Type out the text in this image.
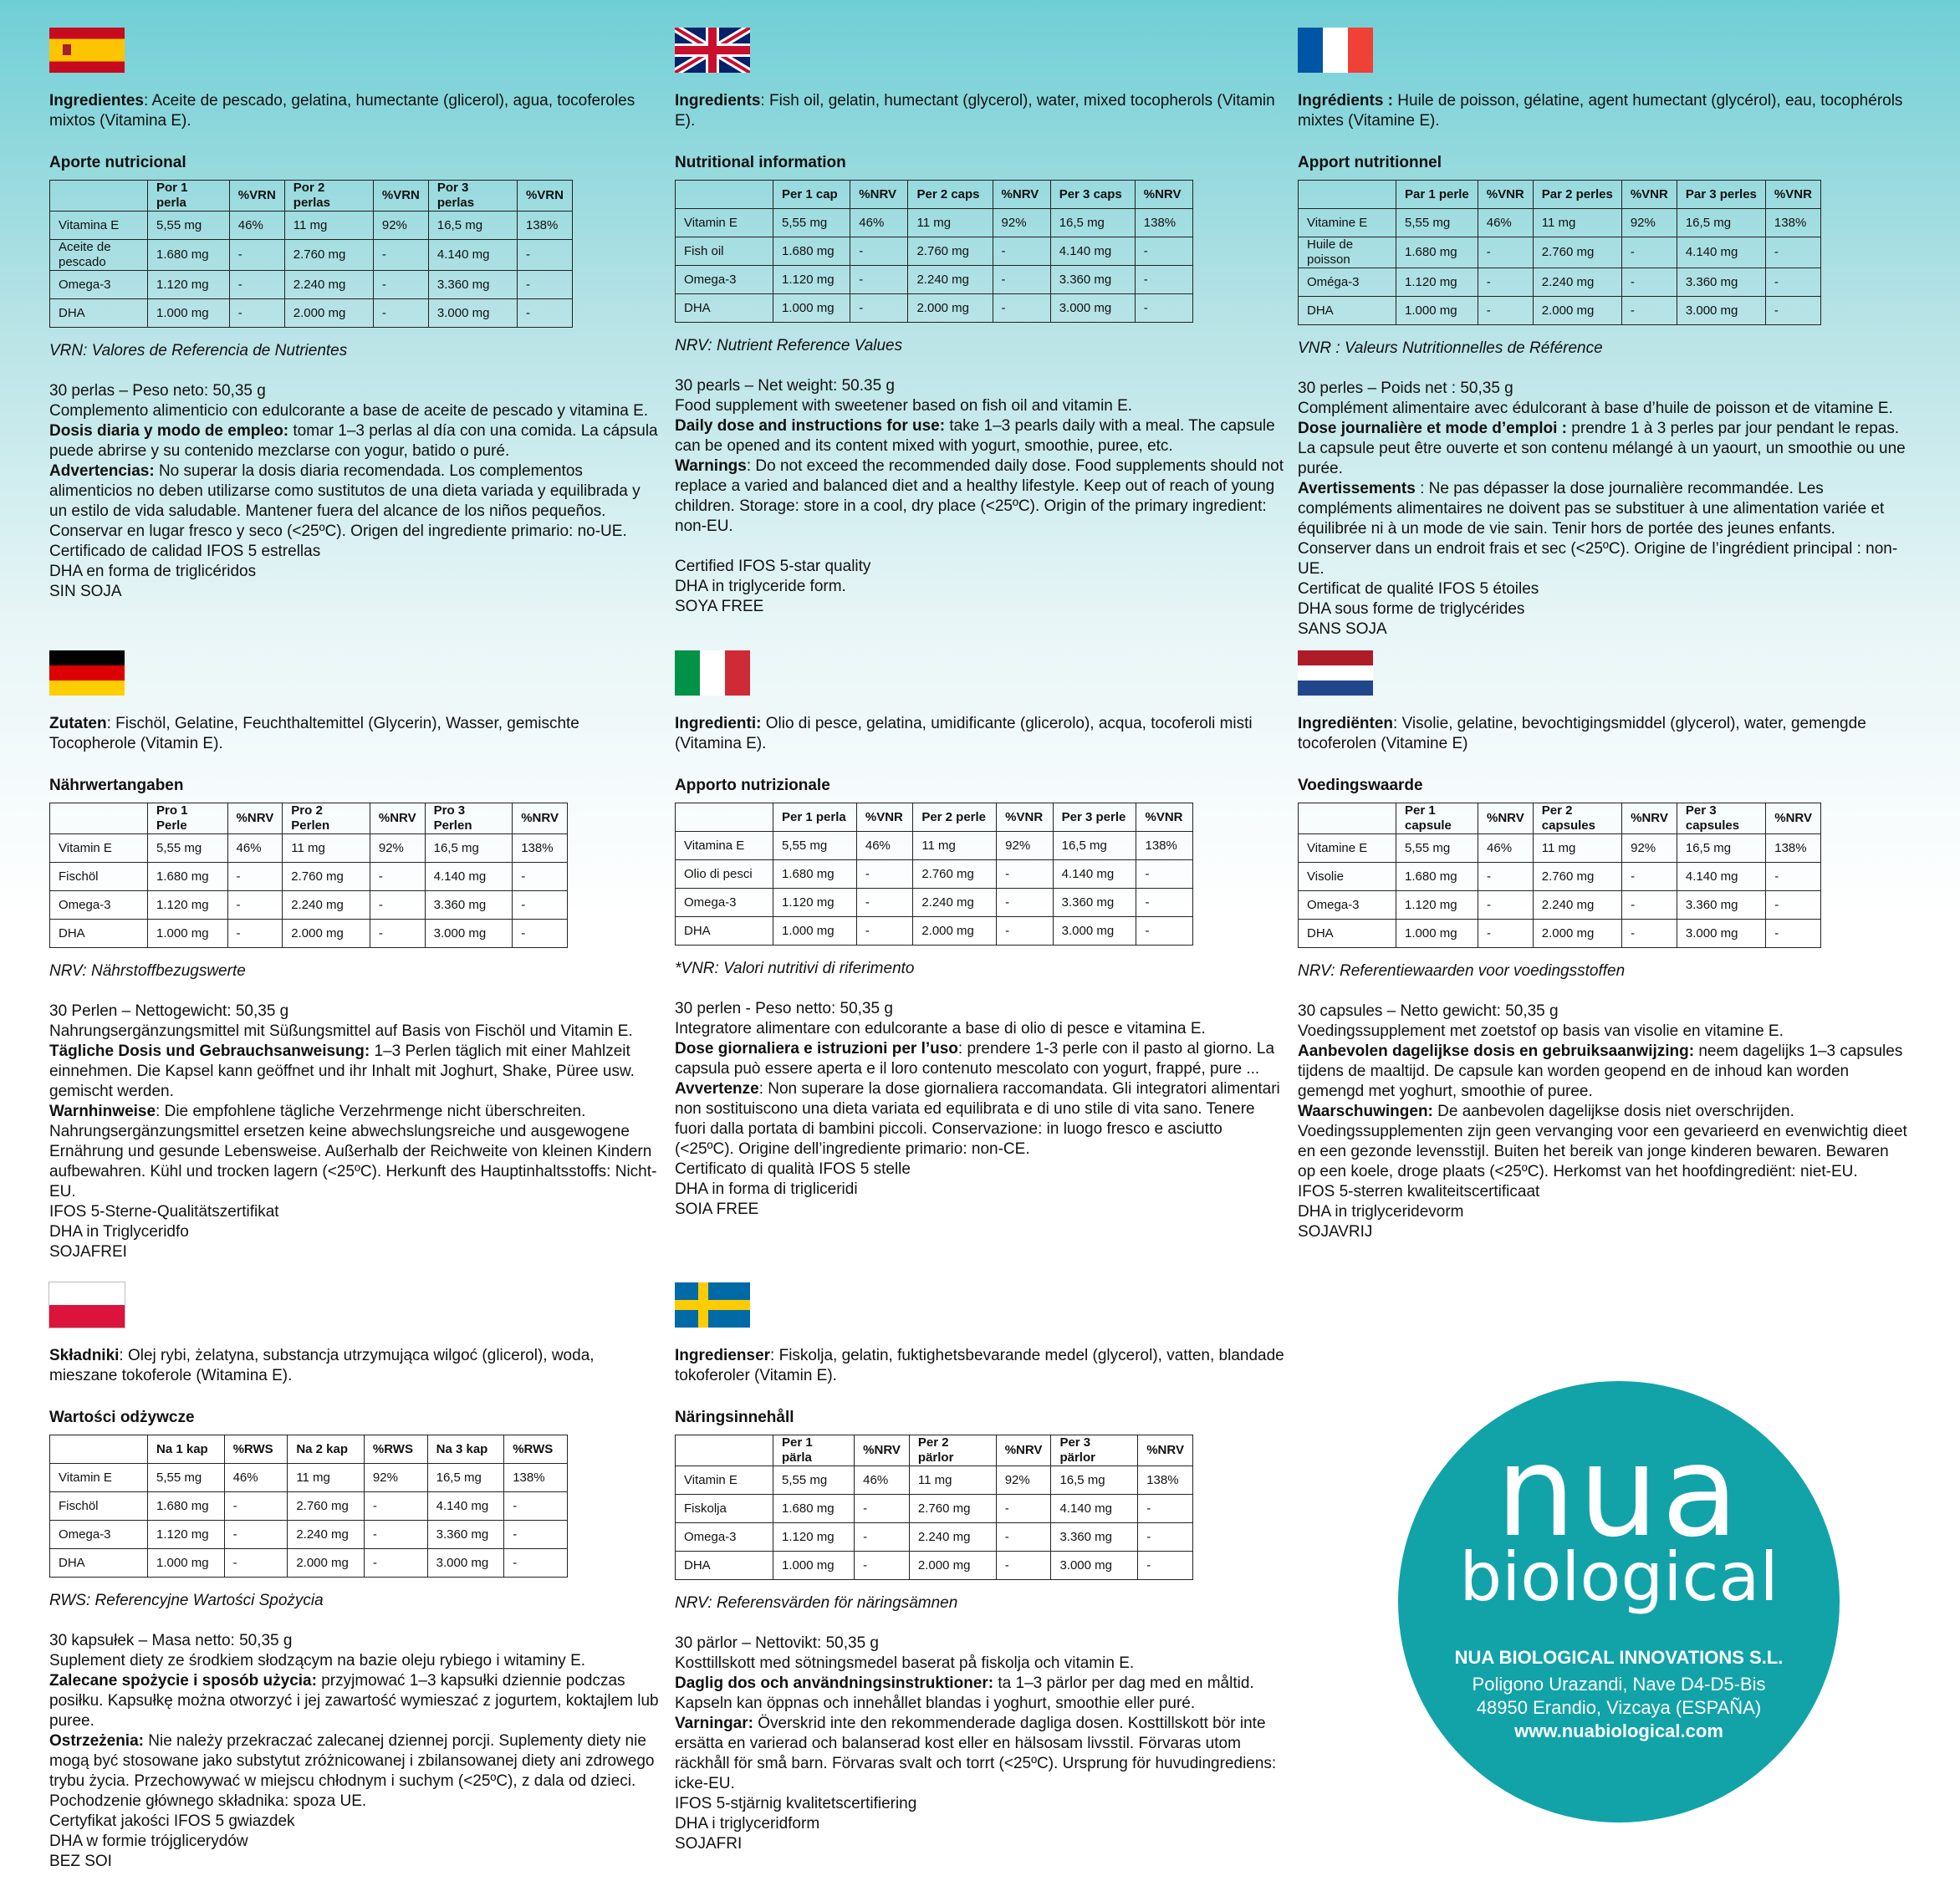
Ingredientes: Aceite de pescado, gelatina, humectante (glicerol), agua, tocoferoles mixtos (Vitamina E).
Aporte nutricional
	Por 1 perla	%VRN	Por 2 perlas	%VRN	Por 3 perlas	%VRN
Vitamina E	5,55 mg	46%	11 mg	92%	16,5 mg	138%
Aceite de pescado	1.680 mg	-	2.760 mg	-	4.140 mg	-
Omega-3	1.120 mg	-	2.240 mg	-	3.360 mg	-
DHA	1.000 mg	-	2.000 mg	-	3.000 mg	-
VRN: Valores de Referencia de Nutrientes

30 perlas – Peso neto: 50,35 g

Complemento alimenticio con edulcorante a base de aceite de pescado y vitamina E.

Dosis diaria y modo de empleo: tomar 1–3 perlas al día con una comida. La cápsula puede abrirse y su contenido mezclarse con yogur, batido o puré.

Advertencias: No superar la dosis diaria recomendada. Los complementos alimenticios no deben utilizarse como sustitutos de una dieta variada y equilibrada y un estilo de vida saludable. Mantener fuera del alcance de los niños pequeños. Conservar en lugar fresco y seco (<25ºC). Origen del ingrediente primario: no-UE.

Certificado de calidad IFOS 5 estrellas

DHA en forma de triglicéridos

SIN SOJA

Ingredients: Fish oil, gelatin, humectant (glycerol), water, mixed tocopherols (Vitamin E).
Nutritional information
	Per 1 cap	%NRV	Per 2 caps	%NRV	Per 3 caps	%NRV
Vitamin E	5,55 mg	46%	11 mg	92%	16,5 mg	138%
Fish oil	1.680 mg	-	2.760 mg	-	4.140 mg	-
Omega-3	1.120 mg	-	2.240 mg	-	3.360 mg	-
DHA	1.000 mg	-	2.000 mg	-	3.000 mg	-
NRV: Nutrient Reference Values

30 pearls – Net weight: 50.35 g

Food supplement with sweetener based on fish oil and vitamin E.

Daily dose and instructions for use: take 1–3 pearls daily with a meal. The capsule can be opened and its content mixed with yogurt, smoothie, puree, etc.

Warnings: Do not exceed the recommended daily dose. Food supplements should not replace a varied and balanced diet and a healthy lifestyle. Keep out of reach of young children. Storage: store in a cool, dry place (<25ºC). Origin of the primary ingredient: non-EU.

Certified IFOS 5-star quality

DHA in triglyceride form.

SOYA FREE

Ingrédients : Huile de poisson, gélatine, agent humectant (glycérol), eau, tocophérols mixtes (Vitamine E).
Apport nutritionnel
	Par 1 perle	%VNR	Par 2 perles	%VNR	Par 3 perles	%VNR
Vitamine E	5,55 mg	46%	11 mg	92%	16,5 mg	138%
Huile de poisson	1.680 mg	-	2.760 mg	-	4.140 mg	-
Oméga-3	1.120 mg	-	2.240 mg	-	3.360 mg	-
DHA	1.000 mg	-	2.000 mg	-	3.000 mg	-
VNR : Valeurs Nutritionnelles de Référence

30 perles – Poids net : 50,35 g

Complément alimentaire avec édulcorant à base d’huile de poisson et de vitamine E.

Dose journalière et mode d’emploi : prendre 1 à 3 perles par jour pendant le repas. La capsule peut être ouverte et son contenu mélangé à un yaourt, un smoothie ou une purée.

Avertissements : Ne pas dépasser la dose journalière recommandée. Les compléments alimentaires ne doivent pas se substituer à une alimentation variée et équilibrée ni à un mode de vie sain. Tenir hors de portée des jeunes enfants. Conserver dans un endroit frais et sec (<25ºC). Origine de l’ingrédient principal : non-UE.

Certificat de qualité IFOS 5 étoiles

DHA sous forme de triglycérides

SANS SOJA

Zutaten: Fischöl, Gelatine, Feuchthaltemittel (Glycerin), Wasser, gemischte Tocopherole (Vitamin E).
Nährwertangaben
	Pro 1 Perle	%NRV	Pro 2 Perlen	%NRV	Pro 3 Perlen	%NRV
Vitamin E	5,55 mg	46%	11 mg	92%	16,5 mg	138%
Fischöl	1.680 mg	-	2.760 mg	-	4.140 mg	-
Omega-3	1.120 mg	-	2.240 mg	-	3.360 mg	-
DHA	1.000 mg	-	2.000 mg	-	3.000 mg	-
NRV: Nährstoffbezugswerte

30 Perlen – Nettogewicht: 50,35 g

Nahrungsergänzungsmittel mit Süßungsmittel auf Basis von Fischöl und Vitamin E.

Tägliche Dosis und Gebrauchsanweisung: 1–3 Perlen täglich mit einer Mahlzeit einnehmen. Die Kapsel kann geöffnet und ihr Inhalt mit Joghurt, Shake, Püree usw. gemischt werden.

Warnhinweise: Die empfohlene tägliche Verzehrmenge nicht überschreiten. Nahrungsergänzungsmittel ersetzen keine abwechslungsreiche und ausgewogene Ernährung und gesunde Lebensweise. Außerhalb der Reichweite von kleinen Kindern aufbewahren. Kühl und trocken lagern (<25ºC). Herkunft des Hauptinhaltsstoffs: Nicht-EU.

IFOS 5-Sterne-Qualitätszertifikat

DHA in Triglyceridfo

SOJAFREI

Ingredienti: Olio di pesce, gelatina, umidificante (glicerolo), acqua, tocoferoli misti (Vitamina E).
Apporto nutrizionale
	Per 1 perla	%VNR	Per 2 perle	%VNR	Per 3 perle	%VNR
Vitamina E	5,55 mg	46%	11 mg	92%	16,5 mg	138%
Olio di pesci	1.680 mg	-	2.760 mg	-	4.140 mg	-
Omega-3	1.120 mg	-	2.240 mg	-	3.360 mg	-
DHA	1.000 mg	-	2.000 mg	-	3.000 mg	-
*VNR: Valori nutritivi di riferimento

30 perlen - Peso netto: 50,35 g

Integratore alimentare con edulcorante a base di olio di pesce e vitamina E.

Dose giornaliera e istruzioni per l’uso: prendere 1-3 perle con il pasto al giorno. La capsula può essere aperta e il loro contenuto mescolato con yogurt, frappé, pure ...

Avvertenze: Non superare la dose giornaliera raccomandata. Gli integratori alimentari non sostituiscono una dieta variata ed equilibrata e di uno stile di vita sano. Tenere fuori dalla portata di bambini piccoli. Conservazione: in luogo fresco e asciutto (<25ºC). Origine dell’ingrediente primario: non-CE.

Certificato di qualità IFOS 5 stelle

DHA in forma di trigliceridi

SOIA FREE

Ingrediënten: Visolie, gelatine, bevochtigingsmiddel (glycerol), water, gemengde tocoferolen (Vitamine E)
Voedingswaarde
	Per 1 capsule	%NRV	Per 2 capsules	%NRV	Per 3 capsules	%NRV
Vitamine E	5,55 mg	46%	11 mg	92%	16,5 mg	138%
Visolie	1.680 mg	-	2.760 mg	-	4.140 mg	-
Omega-3	1.120 mg	-	2.240 mg	-	3.360 mg	-
DHA	1.000 mg	-	2.000 mg	-	3.000 mg	-
NRV: Referentiewaarden voor voedingsstoffen

30 capsules – Netto gewicht: 50,35 g

Voedingssupplement met zoetstof op basis van visolie en vitamine E.

Aanbevolen dagelijkse dosis en gebruiksaanwijzing: neem dagelijks 1–3 capsules tijdens de maaltijd. De capsule kan worden geopend en de inhoud kan worden gemengd met yoghurt, smoothie of puree.

Waarschuwingen: De aanbevolen dagelijkse dosis niet overschrijden. Voedingssupplementen zijn geen vervanging voor een gevarieerd en evenwichtig dieet en een gezonde levensstijl. Buiten het bereik van jonge kinderen bewaren. Bewaren op een koele, droge plaats (<25ºC). Herkomst van het hoofdingrediënt: niet-EU.

IFOS 5-sterren kwaliteitscertificaat

DHA in triglyceridevorm

SOJAVRIJ

Składniki: Olej rybi, żelatyna, substancja utrzymująca wilgoć (glicerol), woda, mieszane tokoferole (Witamina E).
Wartości odżywcze
	Na 1 kap	%RWS	Na 2 kap	%RWS	Na 3 kap	%RWS
Vitamin E	5,55 mg	46%	11 mg	92%	16,5 mg	138%
Fischöl	1.680 mg	-	2.760 mg	-	4.140 mg	-
Omega-3	1.120 mg	-	2.240 mg	-	3.360 mg	-
DHA	1.000 mg	-	2.000 mg	-	3.000 mg	-
RWS: Referencyjne Wartości Spożycia

30 kapsułek – Masa netto: 50,35 g

Suplement diety ze środkiem słodzącym na bazie oleju rybiego i witaminy E.

Zalecane spożycie i sposób użycia: przyjmować 1–3 kapsułki dziennie podczas posiłku. Kapsułkę można otworzyć i jej zawartość wymieszać z jogurtem, koktajlem lub puree.

Ostrzeżenia: Nie należy przekraczać zalecanej dziennej porcji. Suplementy diety nie mogą być stosowane jako substytut zróżnicowanej i zbilansowanej diety ani zdrowego trybu życia. Przechowywać w miejscu chłodnym i suchym (<25ºC), z dala od dzieci.

Pochodzenie głównego składnika: spoza UE.

Certyfikat jakości IFOS 5 gwiazdek

DHA w formie trójglicerydów

BEZ SOI

Ingredienser: Fiskolja, gelatin, fuktighetsbevarande medel (glycerol), vatten, blandade tokoferoler (Vitamin E).
Näringsinnehåll
	Per 1 pärla	%NRV	Per 2 pärlor	%NRV	Per 3 pärlor	%NRV
Vitamin E	5,55 mg	46%	11 mg	92%	16,5 mg	138%
Fiskolja	1.680 mg	-	2.760 mg	-	4.140 mg	-
Omega-3	1.120 mg	-	2.240 mg	-	3.360 mg	-
DHA	1.000 mg	-	2.000 mg	-	3.000 mg	-
NRV: Referensvärden för näringsämnen

30 pärlor – Nettovikt: 50,35 g

Kosttillskott med sötningsmedel baserat på fiskolja och vitamin E.

Daglig dos och användningsinstruktioner: ta 1–3 pärlor per dag med en måltid. Kapseln kan öppnas och innehållet blandas i yoghurt, smoothie eller puré.

Varningar: Överskrid inte den rekommenderade dagliga dosen. Kosttillskott bör inte ersätta en varierad och balanserad kost eller en hälsosam livsstil. Förvaras utom räckhåll för små barn. Förvaras svalt och torrt (<25ºC). Ursprung för huvudingrediens: icke-EU.

IFOS 5-stjärnig kvalitetscertifiering

DHA i triglyceridform

SOJAFRI

nua
biological
NUA BIOLOGICAL INNOVATIONS S.L.
Poligono Urazandi, Nave D4-D5-Bis
48950 Erandio, Vizcaya (ESPAÑA)
www.nuabiological.com
